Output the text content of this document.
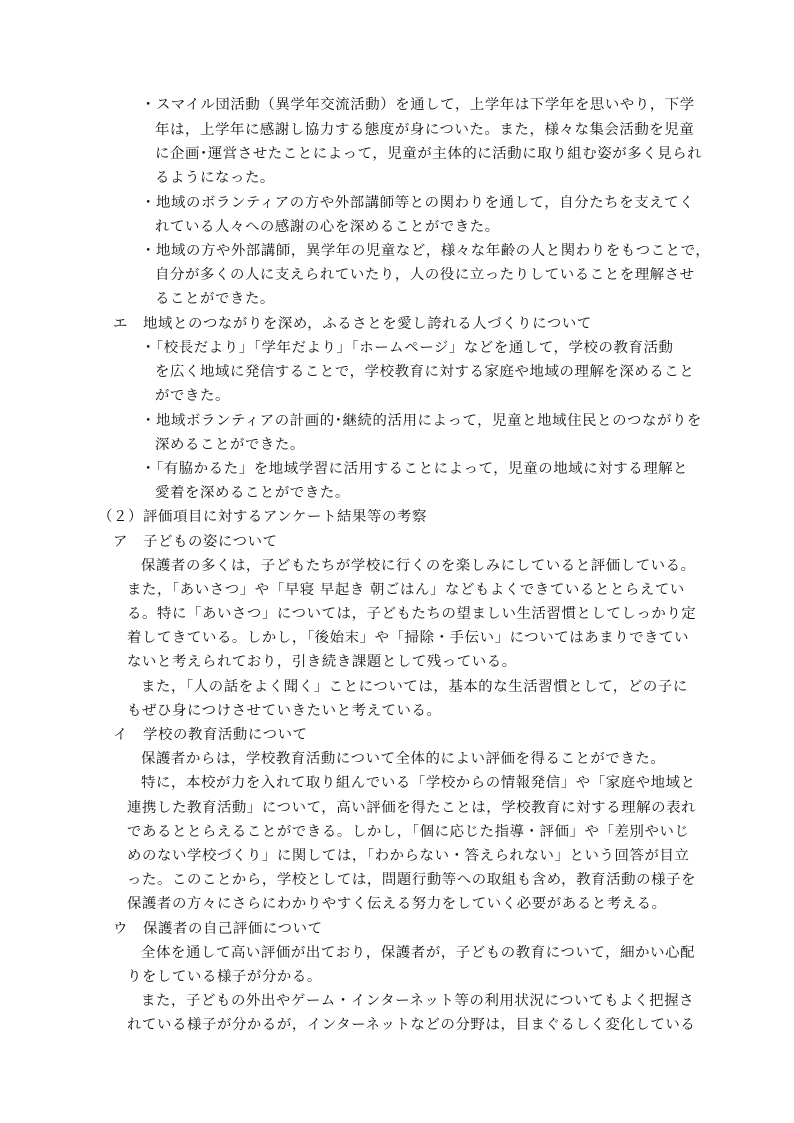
・スマイル団活動（異学年交流活動）を通して，上学年は下学年を思いやり，下学

年は，上学年に感謝し協力する態度が身についた。また，様々な集会活動を児童

に企画･運営させたことによって，児童が主体的に活動に取り組む姿が多く見られ

るようになった。

・地域のボランティアの方や外部講師等との関わりを通して，自分たちを支えてく

れている人々への感謝の心を深めることができた。

・地域の方や外部講師，異学年の児童など，様々な年齢の人と関わりをもつことで，

自分が多くの人に支えられていたり，人の役に立ったりしていることを理解させ

ることができた。

エ　地域とのつながりを深め，ふるさとを愛し誇れる人づくりについて

・「校長だより」「学年だより」「ホームページ」などを通して，学校の教育活動

を広く地域に発信することで，学校教育に対する家庭や地域の理解を深めること

ができた。

・地域ボランティアの計画的･継続的活用によって，児童と地域住民とのつながりを

深めることができた。

・「有脇かるた」を地域学習に活用することによって，児童の地域に対する理解と

愛着を深めることができた。

（２）評価項目に対するアンケート結果等の考察

ア　子どもの姿について

保護者の多くは，子どもたちが学校に行くのを楽しみにしていると評価している。

また，「あいさつ」や「早寝 早起き 朝ごはん」などもよくできているととらえてい

る。特に「あいさつ」については，子どもたちの望ましい生活習慣としてしっかり定

着してきている。しかし，「後始末」や「掃除・手伝い」についてはあまりできてい

ないと考えられており，引き続き課題として残っている。

また，「人の話をよく聞く」ことについては，基本的な生活習慣として，どの子に

もぜひ身につけさせていきたいと考えている。

イ　学校の教育活動について

保護者からは，学校教育活動について全体的によい評価を得ることができた。

特に，本校が力を入れて取り組んでいる「学校からの情報発信」や「家庭や地域と

連携した教育活動」について，高い評価を得たことは，学校教育に対する理解の表れ

であるととらえることができる。しかし，「個に応じた指導・評価」や「差別やいじ

めのない学校づくり」に関しては，「わからない・答えられない」という回答が目立

った。このことから，学校としては，問題行動等への取組も含め，教育活動の様子を

保護者の方々にさらにわかりやすく伝える努力をしていく必要があると考える。

ウ　保護者の自己評価について

全体を通して高い評価が出ており，保護者が，子どもの教育について，細かい心配

りをしている様子が分かる。

また，子どもの外出やゲーム・インターネット等の利用状況についてもよく把握さ

れている様子が分かるが，インターネットなどの分野は，目まぐるしく変化している
